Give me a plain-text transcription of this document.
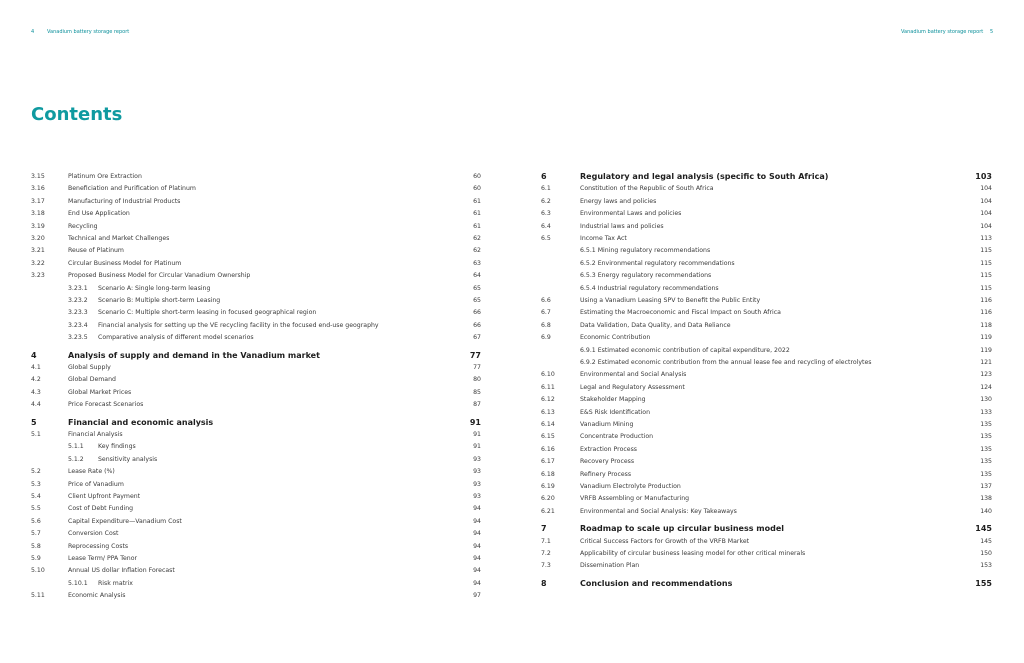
4	Vanadium battery storage report	Vanadium battery storage report 5
Contents
3.15	Platinum Ore Extraction	60
3.16	Beneficiation and Purification of Platinum	60
3.17	Manufacturing of Industrial Products	61
3.18	End Use Application	61
3.19	Recycling	61
3.20	Technical and Market Challenges	62
3.21	Reuse of Platinum	62
3.22	Circular Business Model for Platinum	63
3.23	Proposed Business Model for Circular Vanadium Ownership	64
3.23.1 Scenario A: Single long-term leasing	65
3.23.2 Scenario B: Multiple short-term Leasing	65
3.23.3 Scenario C: Multiple short-term leasing in focused geographical region	66
3.23.4 Financial analysis for setting up the VE recycling facility in the focused end-use geography	66
3.23.5 Comparative analysis of different model scenarios	67
4	Analysis of supply and demand in the Vanadium market	77
4.1	Global Supply	77
4.2	Global Demand	80
4.3	Global Market Prices	85
4.4	Price Forecast Scenarios	87
5	Financial and economic analysis	91
5.1	Financial Analysis	91
5.1.1 Key findings	91
5.1.2 Sensitivity analysis	93
5.2	Lease Rate (%)	93
5.3	Price of Vanadium	93
5.4	Client Upfront Payment	93
5.5	Cost of Debt Funding	94
5.6	Capital Expenditure—Vanadium Cost	94
5.7	Conversion Cost	94
5.8	Reprocessing Costs	94
5.9	Lease Term/ PPA Tenor	94
5.10	Annual US dollar Inflation Forecast	94
5.10.1 Risk matrix	94
5.11	Economic Analysis	97
6	Regulatory and legal analysis (specific to South Africa)	103
6.1	Constitution of the Republic of South Africa	104
6.2	Energy laws and policies	104
6.3	Environmental Laws and policies	104
6.4	Industrial laws and policies	104
6.5	Income Tax Act	113
6.5.1 Mining regulatory recommendations	115
6.5.2 Environmental regulatory recommendations	115
6.5.3 Energy regulatory recommendations	115
6.5.4 Industrial regulatory recommendations	115
6.6	Using a Vanadium Leasing SPV to Benefit the Public Entity	116
6.7	Estimating the Macroeconomic and Fiscal Impact on South Africa	116
6.8	Data Validation, Data Quality, and Data Reliance	118
6.9	Economic Contribution	119
6.9.1 Estimated economic contribution of capital expenditure, 2022	119
6.9.2 Estimated economic contribution from the annual lease fee and recycling of electrolytes	121
6.10	Environmental and Social Analysis	123
6.11	Legal and Regulatory Assessment	124
6.12	Stakeholder Mapping	130
6.13	E&S Risk Identification	133
6.14	Vanadium Mining	135
6.15	Concentrate Production	135
6.16	Extraction Process	135
6.17	Recovery Process	135
6.18	Refinery Process	135
6.19	Vanadium Electrolyte Production	137
6.20	VRFB Assembling or Manufacturing	138
6.21	Environmental and Social Analysis: Key Takeaways	140
7	Roadmap to scale up circular business model	145
7.1	Critical Success Factors for Growth of the VRFB Market	145
7.2	Applicability of circular business leasing model for other critical minerals	150
7.3	Dissemination Plan	153
8	Conclusion and recommendations	155
